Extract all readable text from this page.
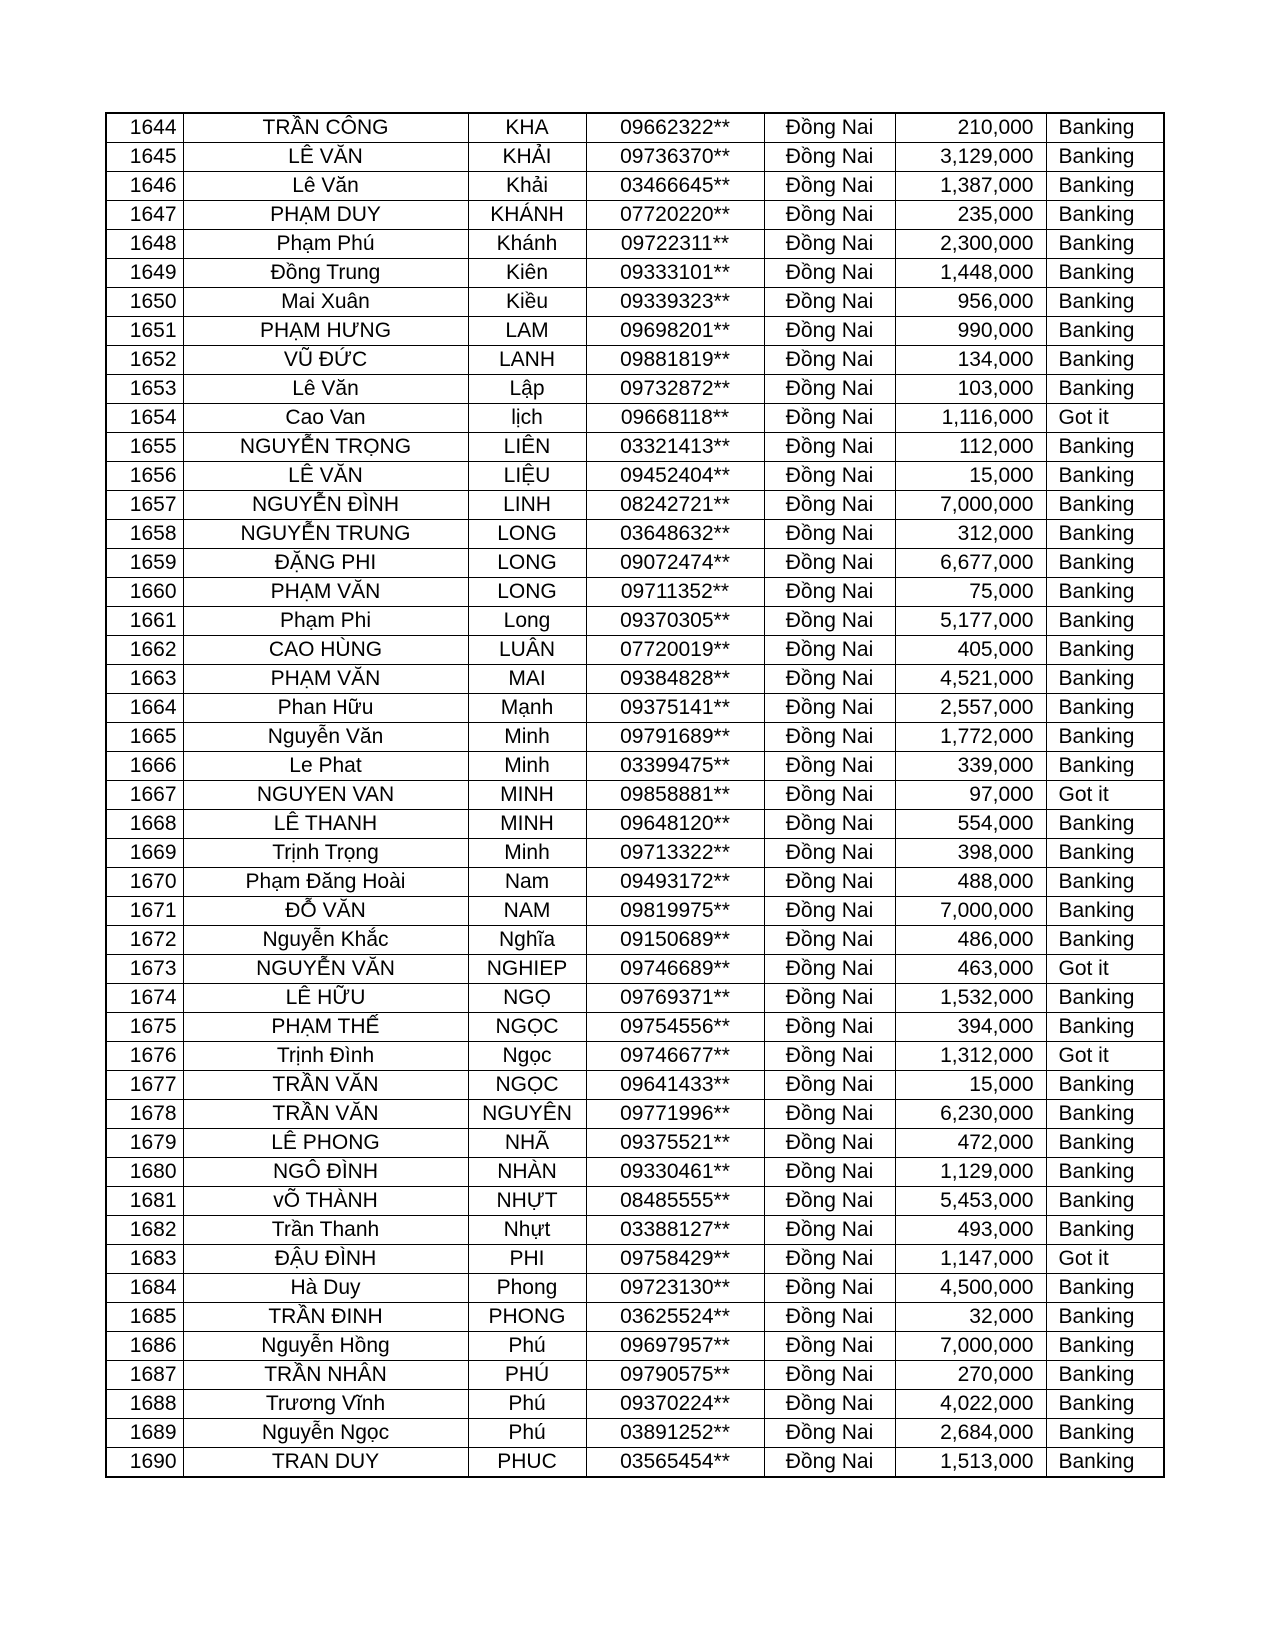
1644	TRẦN CÔNG	KHA	09662322**	Đồng Nai	210,000	Banking
1645	LÊ VĂN	KHẢI	09736370**	Đồng Nai	3,129,000	Banking
1646	Lê Văn	Khải	03466645**	Đồng Nai	1,387,000	Banking
1647	PHẠM DUY	KHÁNH	07720220**	Đồng Nai	235,000	Banking
1648	Phạm Phú	Khánh	09722311**	Đồng Nai	2,300,000	Banking
1649	Đồng Trung	Kiên	09333101**	Đồng Nai	1,448,000	Banking
1650	Mai Xuân	Kiều	09339323**	Đồng Nai	956,000	Banking
1651	PHẠM HƯNG	LAM	09698201**	Đồng Nai	990,000	Banking
1652	VŨ ĐỨC	LANH	09881819**	Đồng Nai	134,000	Banking
1653	Lê Văn	Lập	09732872**	Đồng Nai	103,000	Banking
1654	Cao Van	lịch	09668118**	Đồng Nai	1,116,000	Got it
1655	NGUYỄN TRỌNG	LIÊN	03321413**	Đồng Nai	112,000	Banking
1656	LÊ VĂN	LIỆU	09452404**	Đồng Nai	15,000	Banking
1657	NGUYỄN ĐÌNH	LINH	08242721**	Đồng Nai	7,000,000	Banking
1658	NGUYỄN TRUNG	LONG	03648632**	Đồng Nai	312,000	Banking
1659	ĐẶNG PHI	LONG	09072474**	Đồng Nai	6,677,000	Banking
1660	PHẠM VĂN	LONG	09711352**	Đồng Nai	75,000	Banking
1661	Phạm Phi	Long	09370305**	Đồng Nai	5,177,000	Banking
1662	CAO HÙNG	LUÂN	07720019**	Đồng Nai	405,000	Banking
1663	PHẠM VĂN	MAI	09384828**	Đồng Nai	4,521,000	Banking
1664	Phan Hữu	Mạnh	09375141**	Đồng Nai	2,557,000	Banking
1665	Nguyễn Văn	Minh	09791689**	Đồng Nai	1,772,000	Banking
1666	Le Phat	Minh	03399475**	Đồng Nai	339,000	Banking
1667	NGUYEN VAN	MINH	09858881**	Đồng Nai	97,000	Got it
1668	LÊ THANH	MINH	09648120**	Đồng Nai	554,000	Banking
1669	Trịnh Trọng	Minh	09713322**	Đồng Nai	398,000	Banking
1670	Phạm Đăng Hoài	Nam	09493172**	Đồng Nai	488,000	Banking
1671	ĐỖ VĂN	NAM	09819975**	Đồng Nai	7,000,000	Banking
1672	Nguyễn Khắc	Nghĩa	09150689**	Đồng Nai	486,000	Banking
1673	NGUYỄN VĂN	NGHIEP	09746689**	Đồng Nai	463,000	Got it
1674	LÊ HỮU	NGỌ	09769371**	Đồng Nai	1,532,000	Banking
1675	PHẠM THẾ	NGỌC	09754556**	Đồng Nai	394,000	Banking
1676	Trịnh Đình	Ngọc	09746677**	Đồng Nai	1,312,000	Got it
1677	TRẦN VĂN	NGỌC	09641433**	Đồng Nai	15,000	Banking
1678	TRẦN VĂN	NGUYÊN	09771996**	Đồng Nai	6,230,000	Banking
1679	LÊ PHONG	NHÃ	09375521**	Đồng Nai	472,000	Banking
1680	NGÔ ĐÌNH	NHÀN	09330461**	Đồng Nai	1,129,000	Banking
1681	vÕ THÀNH	NHỰT	08485555**	Đồng Nai	5,453,000	Banking
1682	Trần Thanh	Nhựt	03388127**	Đồng Nai	493,000	Banking
1683	ĐẬU ĐÌNH	PHI	09758429**	Đồng Nai	1,147,000	Got it
1684	Hà Duy	Phong	09723130**	Đồng Nai	4,500,000	Banking
1685	TRẦN ĐINH	PHONG	03625524**	Đồng Nai	32,000	Banking
1686	Nguyễn Hồng	Phú	09697957**	Đồng Nai	7,000,000	Banking
1687	TRẦN NHÂN	PHÚ	09790575**	Đồng Nai	270,000	Banking
1688	Trương Vĩnh	Phú	09370224**	Đồng Nai	4,022,000	Banking
1689	Nguyễn Ngọc	Phú	03891252**	Đồng Nai	2,684,000	Banking
1690	TRAN DUY	PHUC	03565454**	Đồng Nai	1,513,000	Banking
